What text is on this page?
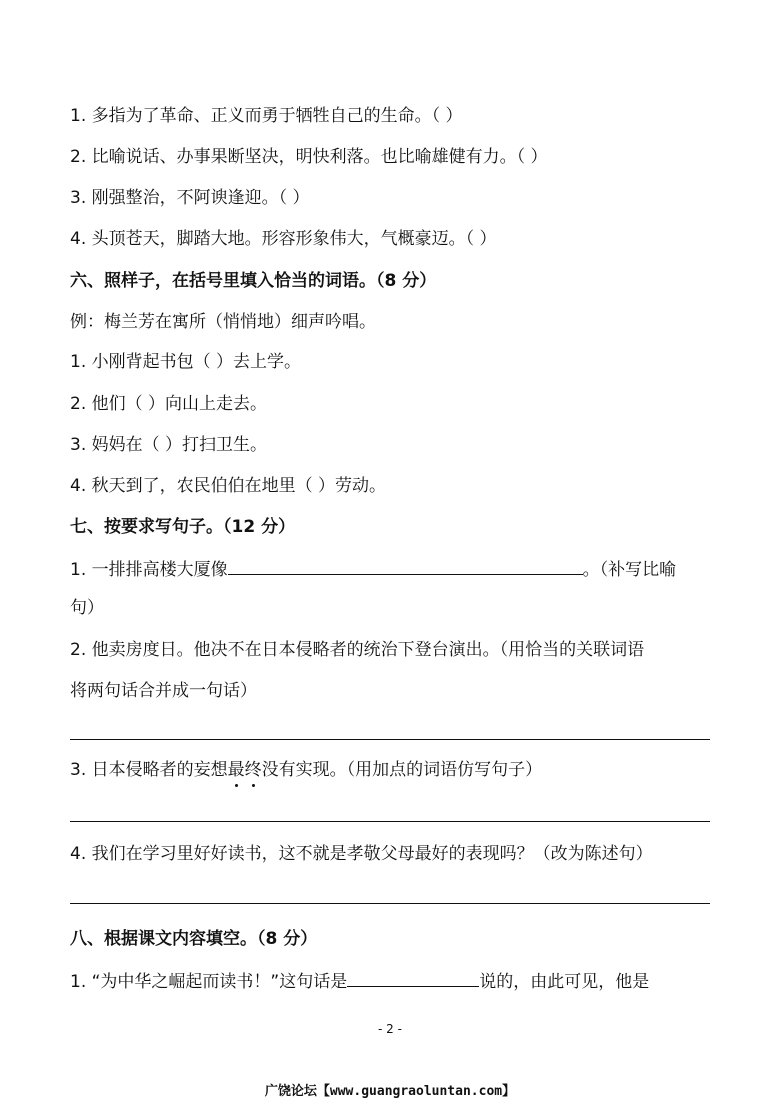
1. 多指为了革命、正义而勇于牺牲自己的生命。（ ）
2. 比喻说话、办事果断坚决，明快利落。也比喻雄健有力。（ ）
3. 刚强整治，不阿谀逢迎。（ ）
4. 头顶苍天，脚踏大地。形容形象伟大，气概豪迈。（ ）
六、照样子，在括号里填入恰当的词语。（8 分）
例：梅兰芳在寓所（悄悄地）细声吟唱。
1. 小刚背起书包（ ）去上学。
2. 他们（ ）向山上走去。
3. 妈妈在（ ）打扫卫生。
4. 秋天到了，农民伯伯在地里（ ）劳动。
七、按要求写句子。（12 分）
1. 一排排高楼大厦像	。（补写比喻
句）
2. 他卖房度日。他决不在日本侵略者的统治下登台演出。（用恰当的关联词语
将两句话合并成一句话）
3. 日本侵略者的妄想最终没有实现。（用加点的词语仿写句子）
4. 我们在学习里好好读书，这不就是孝敬父母最好的表现吗？（改为陈述句）
八、根据课文内容填空。（8 分）
1. “为中华之崛起而读书！”这句话是	说的，由此可见，他是
- 2 -
广饶论坛【www.guangraoluntan.com】
